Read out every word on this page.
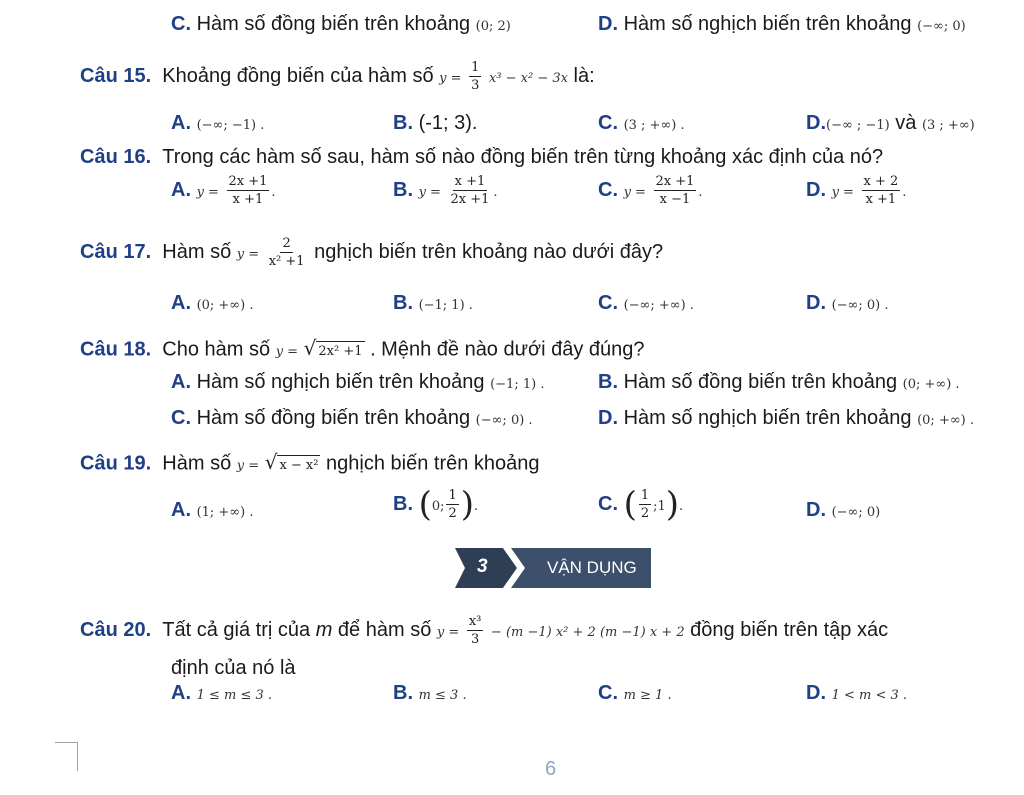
C. Hàm số đồng biến trên khoảng (0; 2)	D. Hàm số nghịch biến trên khoảng (−∞; 0)
Câu 15. Khoảng đồng biến của hàm số $y = \frac{1}{3} x^3 - x^2 - 3x$ là:
A. (−∞; −1) .	B. (-1; 3).	C. (3 ; +∞) .	D.(−∞ ; −1) và (3 ; +∞)
Câu 16. Trong các hàm số sau, hàm số nào đồng biến trên từng khoảng xác định của nó?
A. $y = \frac{2x +1}{x +1}$ .	B. $y = \frac{x +1}{2x +1}$ .	C. $y = \frac{2x +1}{x -1}$ .	D. $y = \frac{x + 2}{x +1}$ .
Câu 17. Hàm số $y = \frac{2}{\text{x² +1}}$ nghịch biến trên khoảng nào dưới đây?
A. (0; +∞) .	B. (−1; 1) .	C. (−∞; +∞) .	D. (−∞; 0) .
Câu 18. Cho hàm số y = √ 2x² +1 . Mệnh đề nào dưới đây đúng?
A. Hàm số nghịch biến trên khoảng (−1; 1) .	B. Hàm số đồng biến trên khoảng (0; +∞) .
C. Hàm số đồng biến trên khoảng (−∞; 0) .	D. Hàm số nghịch biến trên khoảng (0; +∞) .
Câu 19. Hàm số y = √ x − x² nghịch biến trên khoảng
A. (1; +∞) .	B. (0; $\frac{1}{2}$ ).	C. ( $\frac{1}{2}$ ;1).	D. (−∞; 0)
3	VẬN DỤNG
Câu 20. Tất cả giá trị của m để hàm số $y = \frac{\text{x³}}{3} - (m -1) x^2 + 2$ (m −1) x + 2 đồng biến trên tập xác
định của nó là
A. 1 ≤ m ≤ 3 .	B. m ≤ 3 .	C. m ≥ 1 .	D. 1 < m < 3 .
6
